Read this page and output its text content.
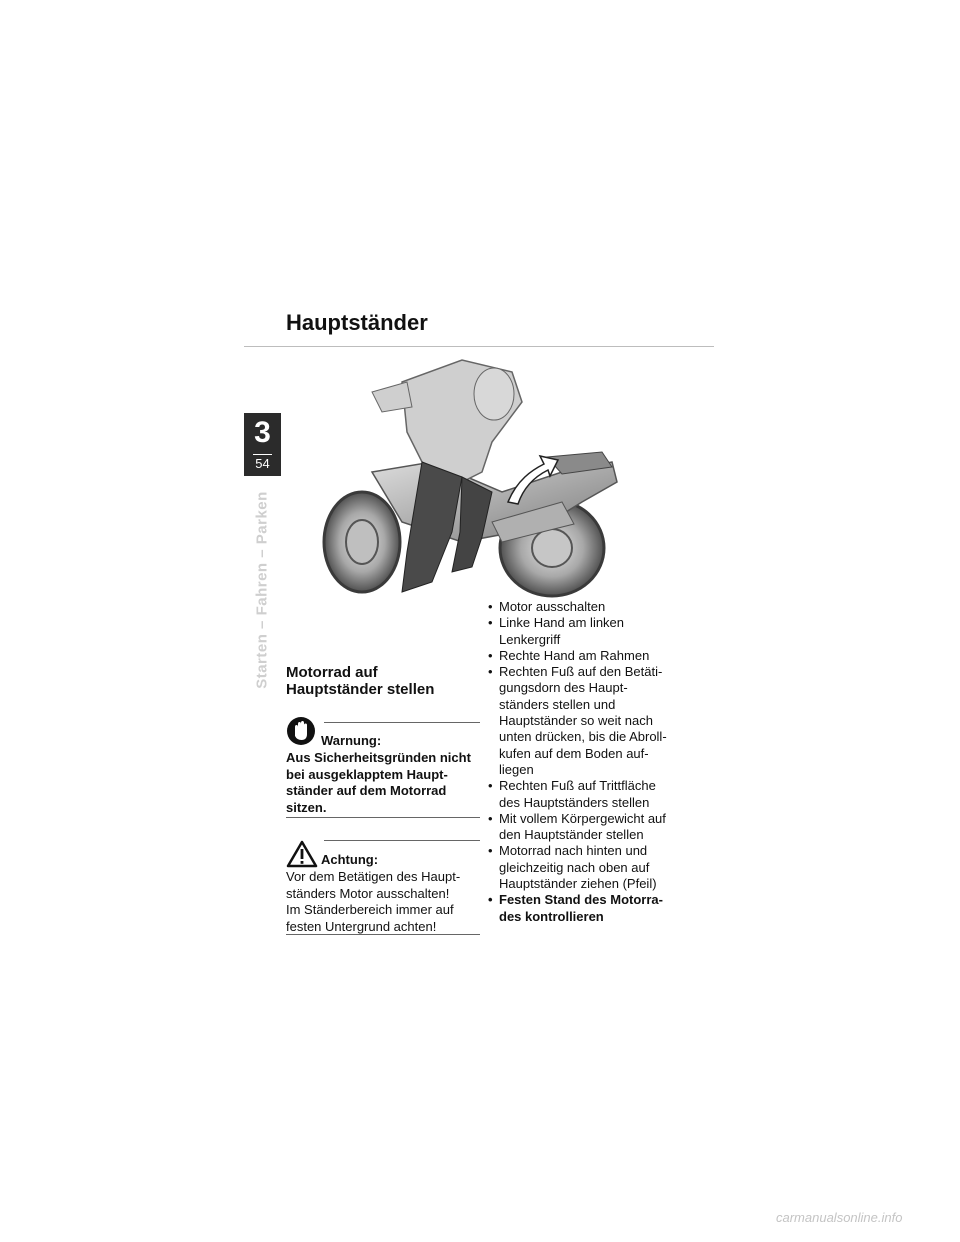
Hauptständer
3
54
Starten – Fahren – Parken Motorrad auf

Hauptständer stellen

Warnung:
Aus Sicherheitsgründen nicht
bei ausgeklapptem Haupt-
ständer auf dem Motorrad
sitzen.
Achtung:
Vor dem Betätigen des Haupt-
ständers Motor ausschalten!
Im Ständerbereich immer auf
festen Untergrund achten!
• Motor ausschalten
• Linke Hand am linken
Lenkergriff
• Rechte Hand am Rahmen
• Rechten Fuß auf den Betäti-
gungsdorn des Haupt-
ständers stellen und
Hauptständer so weit nach
unten drücken, bis die Abroll-
kufen auf dem Boden auf-
liegen
• Rechten Fuß auf Trittfläche
des Hauptständers stellen
• Mit vollem Körpergewicht auf
den Hauptständer stellen
• Motorrad nach hinten und
gleichzeitig nach oben auf
Hauptständer ziehen (Pfeil)
• Festen Stand des Motorra-
des kontrollieren
carmanualsonline.info
